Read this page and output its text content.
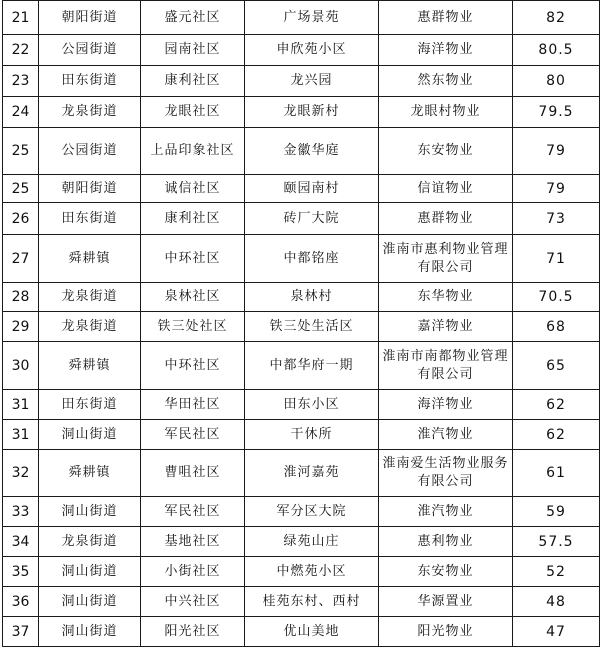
21	朝阳街道	盛元社区	广场景苑	惠群物业	82
22	公园街道	园南社区	申欣苑小区	海洋物业	80.5
23	田东街道	康利社区	龙兴园	然东物业	80
24	龙泉街道	龙眼社区	龙眼新村	龙眼村物业	79.5
25	公园街道	上品印象社区	金徽华庭	东安物业	79
25	朝阳街道	诚信社区	颐园南村	信谊物业	79
26	田东街道	康利社区	砖厂大院	惠群物业	73
27	舜耕镇	中环社区	中都铭座	淮南市惠利物业管理有限公司	71
28	龙泉街道	泉林社区	泉林村	东华物业	70.5
29	龙泉街道	铁三处社区	铁三处生活区	嘉洋物业	68
30	舜耕镇	中环社区	中都华府一期	淮南市南都物业管理有限公司	65
31	田东街道	华田社区	田东小区	海洋物业	62
31	洞山街道	军民社区	干休所	淮汽物业	62
32	舜耕镇	曹咀社区	淮河嘉苑	淮南爱生活物业服务有限公司	61
33	洞山街道	军民社区	军分区大院	淮汽物业	59
34	龙泉街道	基地社区	绿苑山庄	惠利物业	57.5
35	洞山街道	小街社区	中燃苑小区	东安物业	52
36	洞山街道	中兴社区	桂苑东村、西村	华源置业	48
37	洞山街道	阳光社区	优山美地	阳光物业	47
